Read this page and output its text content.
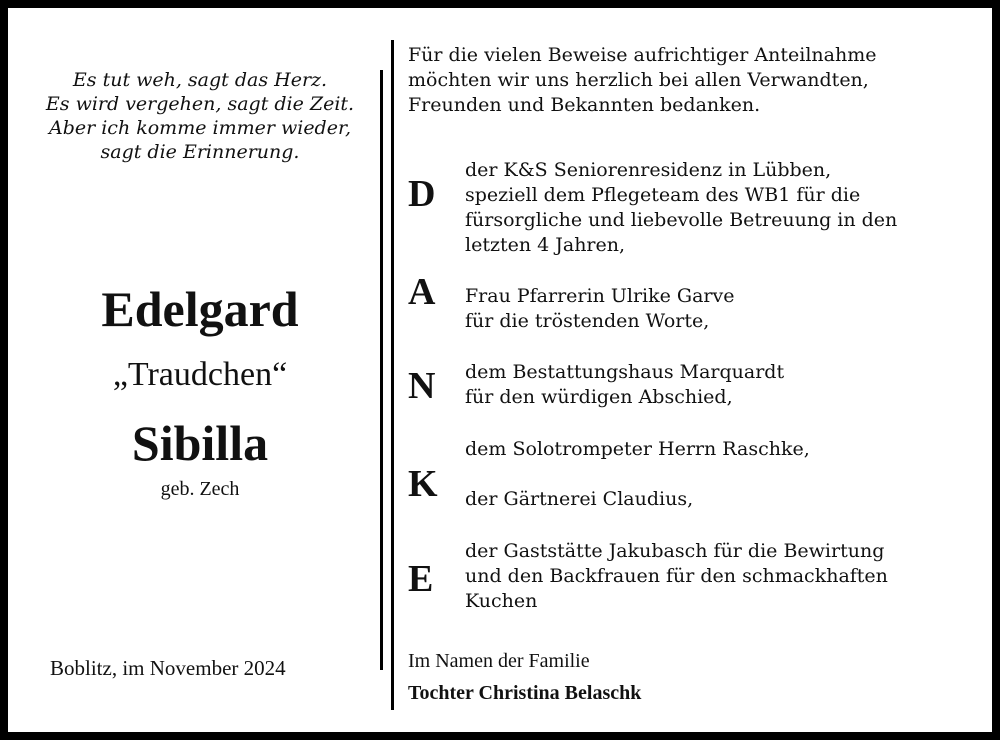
Es tut weh, sagt das Herz.
Es wird vergehen, sagt die Zeit.
Aber ich komme immer wieder,
sagt die Erinnerung.
Edelgard
„Traudchen“
Sibilla
geb. Zech
Boblitz, im November 2024
Für die vielen Beweise aufrichtiger Anteilnahme
möchten wir uns herzlich bei allen Verwandten,
Freunden und Bekannten bedanken.
D
der K&S Seniorenresidenz in Lübben,
speziell dem Pflegeteam des WB1 für die
fürsorgliche und liebevolle Betreuung in den
letzten 4 Jahren,
A Frau Pfarrerin Ulrike Garve
für die tröstenden Worte,
N dem Bestattungshaus Marquardt
für den würdigen Abschied,
K
dem Solotrompeter Herrn Raschke,
der Gärtnerei Claudius,
E
der Gaststätte Jakubasch für die Bewirtung
und den Backfrauen für den schmackhaften
Kuchen
Im Namen der Familie
Tochter Christina Belaschk
